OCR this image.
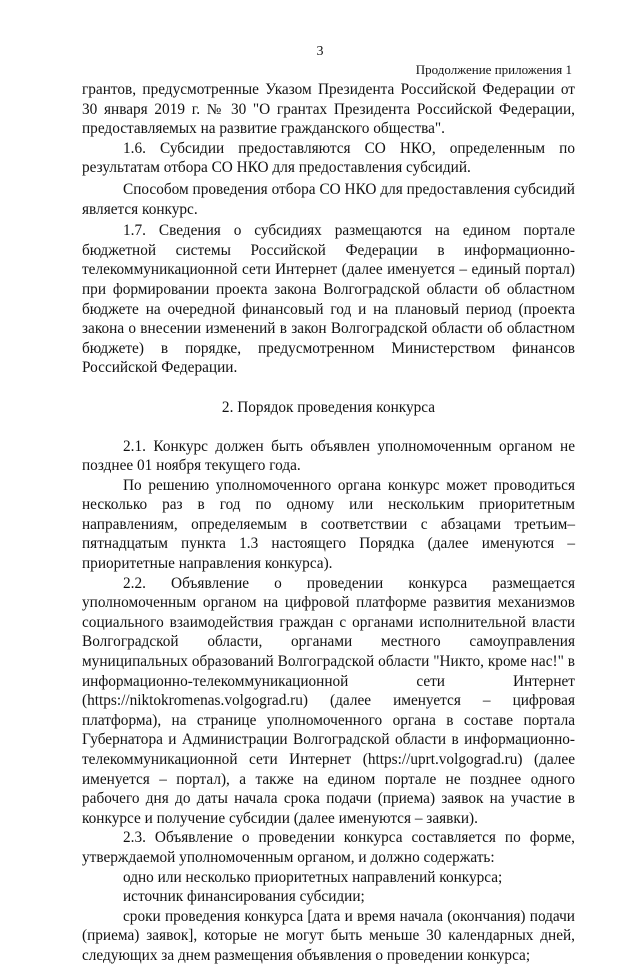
3
Продолжение приложения 1

грантов, предусмотренные Указом Президента Российской Федерации от 30 января 2019 г. № 30 "О грантах Президента Российской Федерации, предоставляемых на развитие гражданского общества".

1.6. Субсидии предоставляются СО НКО, определенным по результатам отбора СО НКО для предоставления субсидий.

Способом проведения отбора СО НКО для предоставления субсидий является конкурс.

1.7. Сведения о субсидиях размещаются на едином портале бюджетной системы Российской Федерации в информационно-телекоммуникационной сети Интернет (далее именуется – единый портал) при формировании проекта закона Волгоградской области об областном бюджете на очередной финансовый год и на плановый период (проекта закона о внесении изменений в закон Волгоградской области об областном бюджете) в порядке, предусмотренном Министерством финансов Российской Федерации.

2. Порядок проведения конкурса

2.1. Конкурс должен быть объявлен уполномоченным органом не позднее 01 ноября текущего года.

По решению уполномоченного органа конкурс может проводиться несколько раз в год по одному или нескольким приоритетным направлениям, определяемым в соответствии с абзацами третьим–пятнадцатым пункта 1.3 настоящего Порядка (далее именуются – приоритетные направления конкурса).

2.2. Объявление о проведении конкурса размещается уполномоченным органом на цифровой платформе развития механизмов социального взаимодействия граждан с органами исполнительной власти Волгоградской области, органами местного самоуправления муниципальных образований Волгоградской области "Никто, кроме нас!" в информационно-телекоммуникационной сети Интернет (https://niktokromenas.volgograd.ru) (далее именуется – цифровая платформа), на странице уполномоченного органа в составе портала Губернатора и Администрации Волгоградской области в информационно-телекоммуникационной сети Интернет (https://uprt.volgograd.ru) (далее именуется – портал), а также на едином портале не позднее одного рабочего дня до даты начала срока подачи (приема) заявок на участие в конкурсе и получение субсидии (далее именуются – заявки).

2.3. Объявление о проведении конкурса составляется по форме, утверждаемой уполномоченным органом, и должно содержать:

одно или несколько приоритетных направлений конкурса;

источник финансирования субсидии;

сроки проведения конкурса [дата и время начала (окончания) подачи (приема) заявок], которые не могут быть меньше 30 календарных дней, следующих за днем размещения объявления о проведении конкурса;
